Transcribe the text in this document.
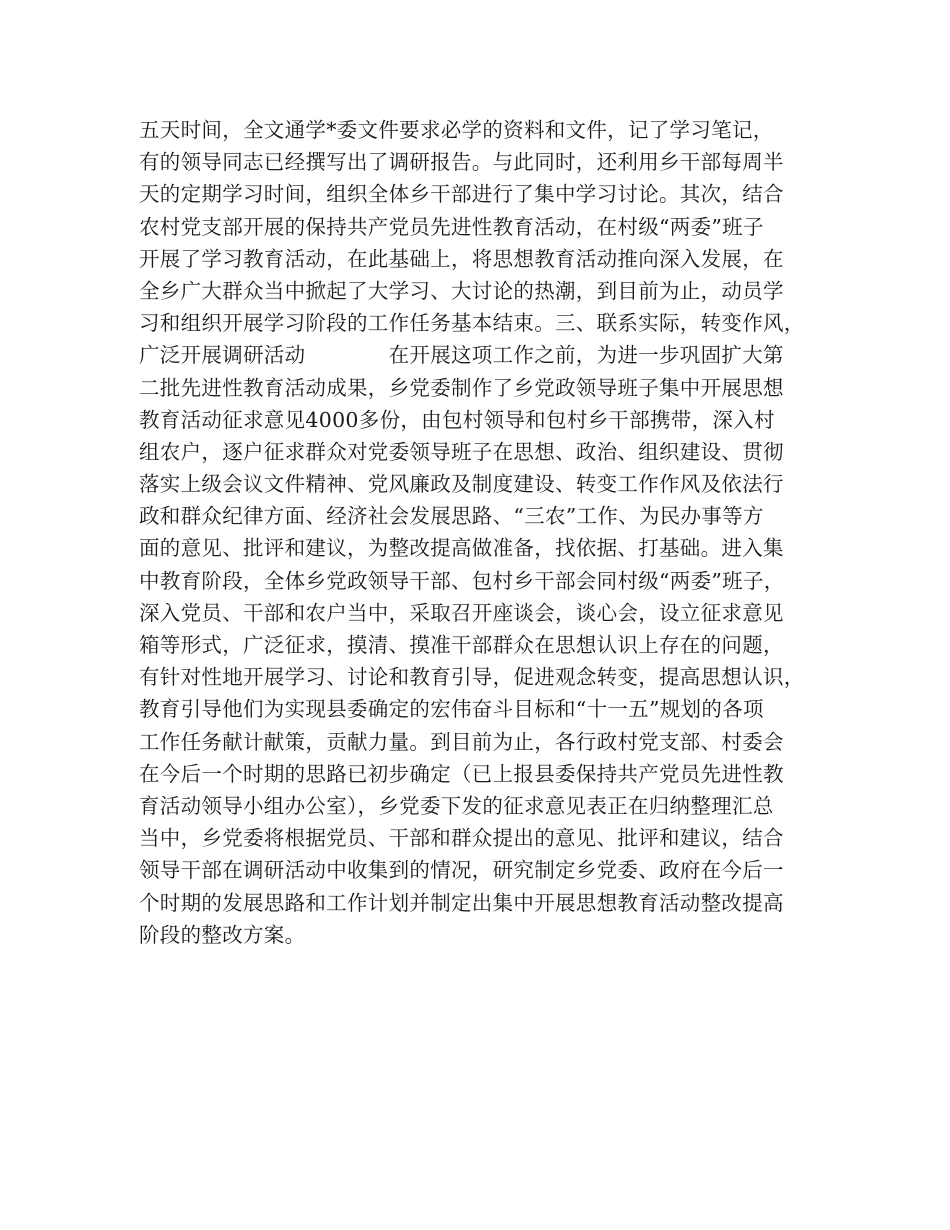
五天时间，全文通学*委文件要求必学的资料和文件，记了学习笔记，
有的领导同志已经撰写出了调研报告。与此同时，还利用乡干部每周半
天的定期学习时间，组织全体乡干部进行了集中学习讨论。其次，结合
农村党支部开展的保持共产党员先进性教育活动，在村级“两委”班子
开展了学习教育活动，在此基础上，将思想教育活动推向深入发展，在
全乡广大群众当中掀起了大学习、大讨论的热潮，到目前为止，动员学
习和组织开展学习阶段的工作任务基本结束。三、联系实际，转变作风，
广泛开展调研活动　　　　在开展这项工作之前，为进一步巩固扩大第
二批先进性教育活动成果，乡党委制作了乡党政领导班子集中开展思想
教育活动征求意见4000多份，由包村领导和包村乡干部携带，深入村
组农户，逐户征求群众对党委领导班子在思想、政治、组织建设、贯彻
落实上级会议文件精神、党风廉政及制度建设、转变工作作风及依法行
政和群众纪律方面、经济社会发展思路、“三农”工作、为民办事等方
面的意见、批评和建议，为整改提高做准备，找依据、打基础。进入集
中教育阶段，全体乡党政领导干部、包村乡干部会同村级“两委”班子，
深入党员、干部和农户当中，采取召开座谈会，谈心会，设立征求意见
箱等形式，广泛征求，摸清、摸准干部群众在思想认识上存在的问题，
有针对性地开展学习、讨论和教育引导，促进观念转变，提高思想认识，
教育引导他们为实现县委确定的宏伟奋斗目标和“十一五”规划的各项
工作任务献计献策，贡献力量。到目前为止，各行政村党支部、村委会
在今后一个时期的思路已初步确定（已上报县委保持共产党员先进性教
育活动领导小组办公室），乡党委下发的征求意见表正在归纳整理汇总
当中，乡党委将根据党员、干部和群众提出的意见、批评和建议，结合
领导干部在调研活动中收集到的情况，研究制定乡党委、政府在今后一
个时期的发展思路和工作计划并制定出集中开展思想教育活动整改提高
阶段的整改方案。
